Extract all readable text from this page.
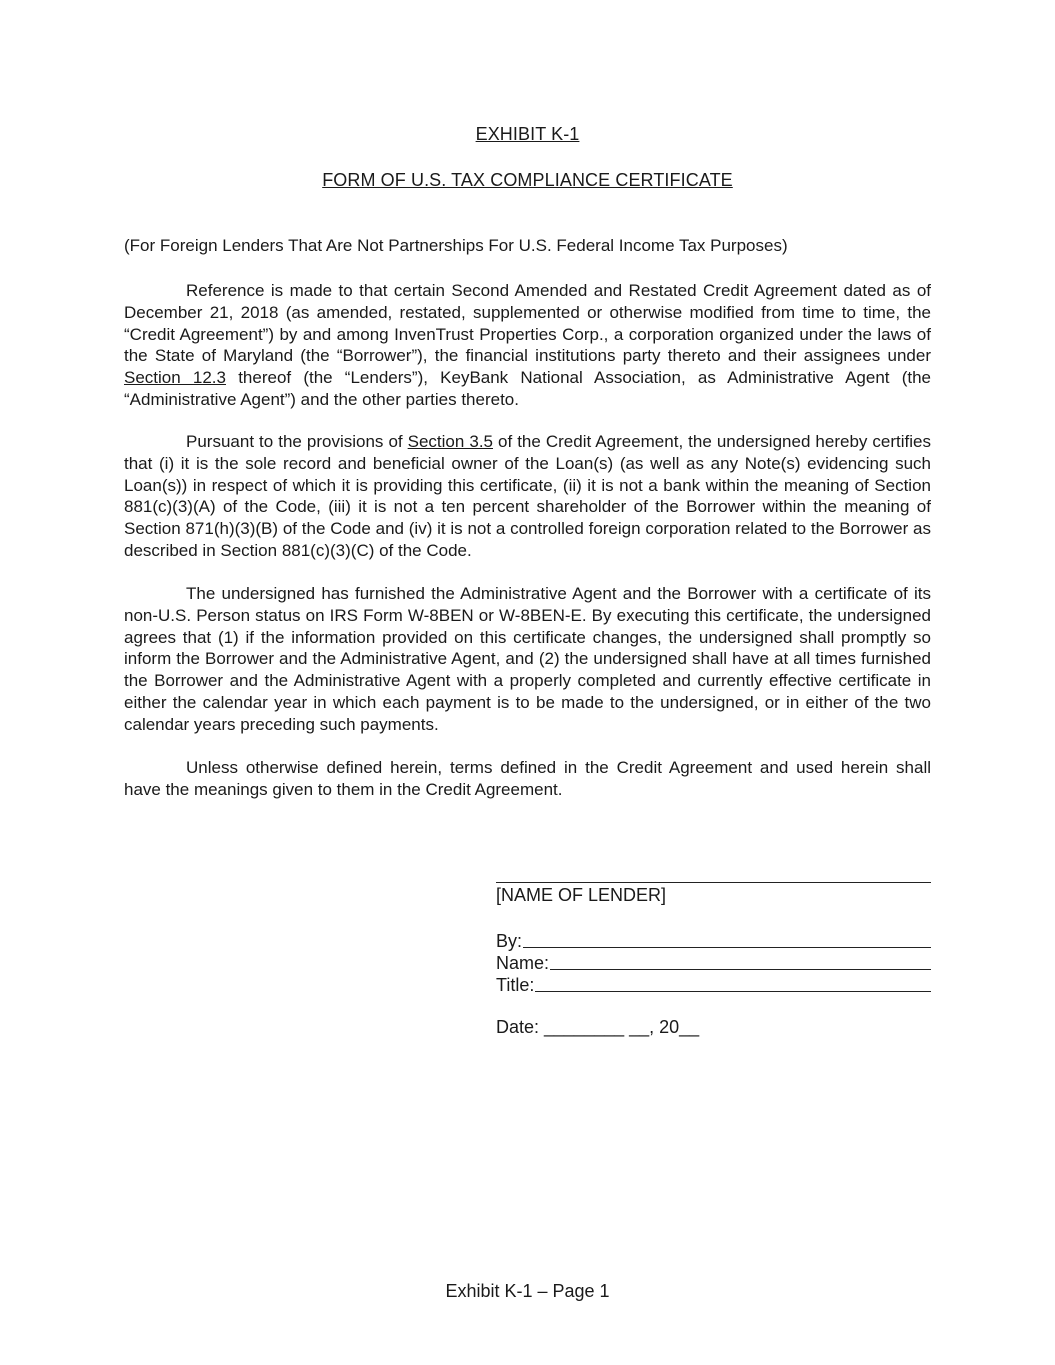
EXHIBIT K-1
FORM OF U.S. TAX COMPLIANCE CERTIFICATE
(For Foreign Lenders That Are Not Partnerships For U.S. Federal Income Tax Purposes)
Reference is made to that certain Second Amended and Restated Credit Agreement dated as of December 21, 2018 (as amended, restated, supplemented or otherwise modified from time to time, the “Credit Agreement”) by and among InvenTrust Properties Corp., a corporation organized under the laws of the State of Maryland (the “Borrower”), the financial institutions party thereto and their assignees under Section 12.3 thereof (the “Lenders”), KeyBank National Association, as Administrative Agent (the “Administrative Agent”) and the other parties thereto.
Pursuant to the provisions of Section 3.5 of the Credit Agreement, the undersigned hereby certifies that (i) it is the sole record and beneficial owner of the Loan(s) (as well as any Note(s) evidencing such Loan(s)) in respect of which it is providing this certificate, (ii) it is not a bank within the meaning of Section 881(c)(3)(A) of the Code, (iii) it is not a ten percent shareholder of the Borrower within the meaning of Section 871(h)(3)(B) of the Code and (iv) it is not a controlled foreign corporation related to the Borrower as described in Section 881(c)(3)(C) of the Code.
The undersigned has furnished the Administrative Agent and the Borrower with a certificate of its non-U.S. Person status on IRS Form W-8BEN or W-8BEN-E. By executing this certificate, the undersigned agrees that (1) if the information provided on this certificate changes, the undersigned shall promptly so inform the Borrower and the Administrative Agent, and (2) the undersigned shall have at all times furnished the Borrower and the Administrative Agent with a properly completed and currently effective certificate in either the calendar year in which each payment is to be made to the undersigned, or in either of the two calendar years preceding such payments.
Unless otherwise defined herein, terms defined in the Credit Agreement and used herein shall have the meanings given to them in the Credit Agreement.
[NAME OF LENDER]
By:
Name:
Title:
Date: ________ __, 20__
Exhibit K-1 – Page 1
